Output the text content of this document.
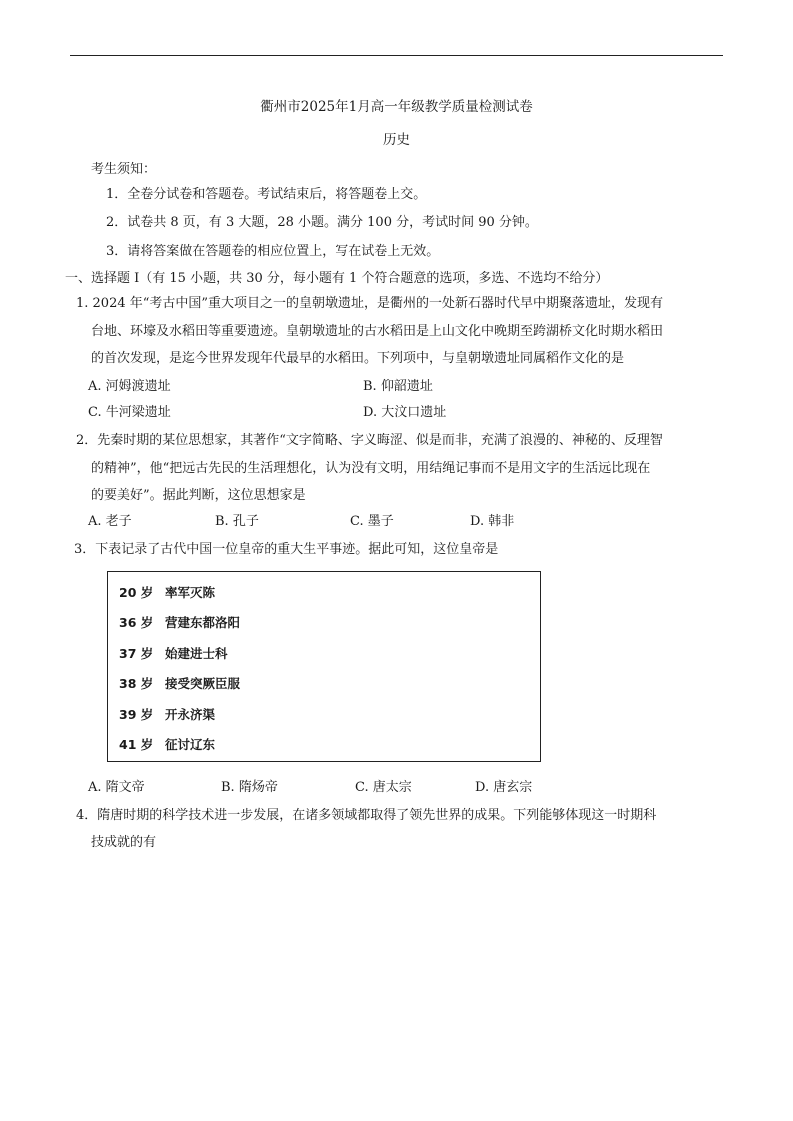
衢州市2025年1月高一年级教学质量检测试卷
历史
考生须知：
1．全卷分试卷和答题卷。考试结束后，将答题卷上交。
2．试卷共 8 页，有 3 大题，28 小题。满分 100 分，考试时间 90 分钟。
3．请将答案做在答题卷的相应位置上，写在试卷上无效。
一、选择题 Ⅰ（有 15 小题，共 30 分，每小题有 1 个符合题意的选项，多选、不选均不给分）
1. 2024 年“考古中国”重大项目之一的皇朝墩遗址，是衢州的一处新石器时代早中期聚落遗址，发现有
台地、环壕及水稻田等重要遗迹。皇朝墩遗址的古水稻田是上山文化中晚期至跨湖桥文化时期水稻田
的首次发现，是迄今世界发现年代最早的水稻田。下列项中，与皇朝墩遗址同属稻作文化的是
A. 河姆渡遗址	B. 仰韶遗址
C. 牛河梁遗址	D. 大汶口遗址
2．先秦时期的某位思想家，其著作“文字简略、字义晦涩、似是而非，充满了浪漫的、神秘的、反理智
的精神”，他“把远古先民的生活理想化，认为没有文明，用结绳记事而不是用文字的生活远比现在
的要美好”。据此判断，这位思想家是
A. 老子	B. 孔子	C. 墨子	D. 韩非
3．下表记录了古代中国一位皇帝的重大生平事迹。据此可知，这位皇帝是
20 岁 率军灭陈
36 岁 营建东都洛阳
37 岁 始建进士科
38 岁 接受突厥臣服
39 岁 开永济渠
41 岁 征讨辽东
A. 隋文帝	B. 隋炀帝	C. 唐太宗	D. 唐玄宗
4．隋唐时期的科学技术进一步发展，在诸多领域都取得了领先世界的成果。下列能够体现这一时期科
技成就的有
